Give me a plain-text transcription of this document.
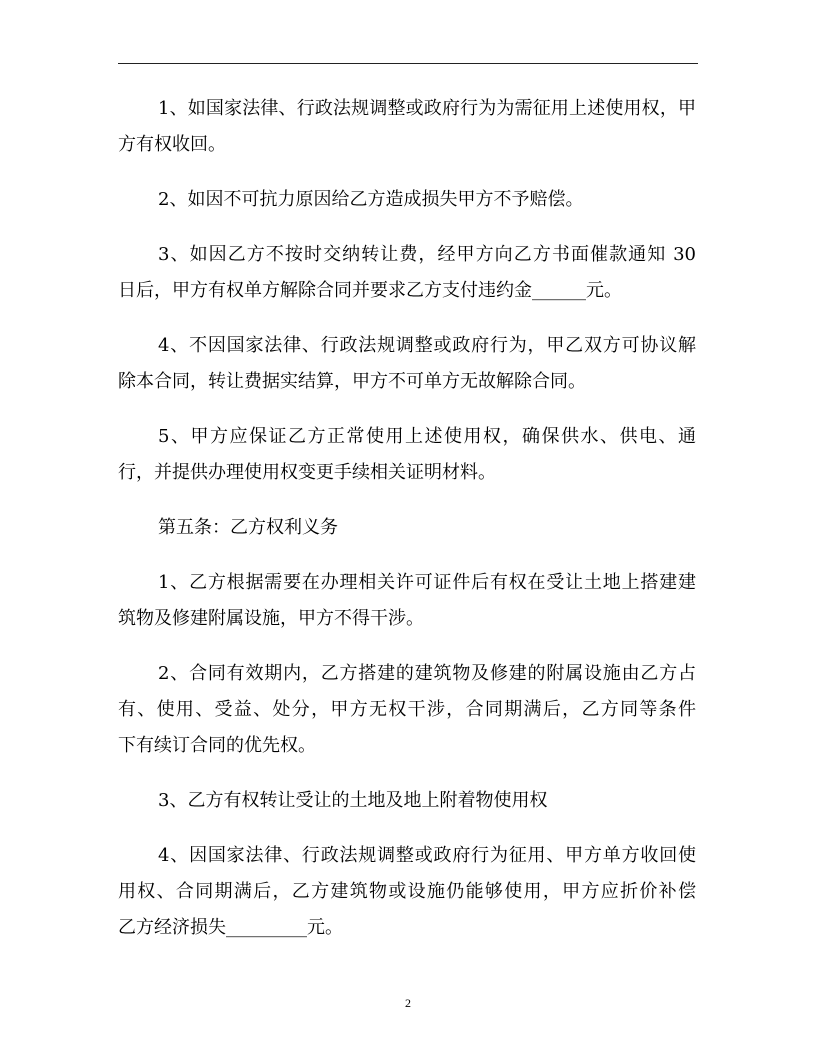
1、如国家法律、行政法规调整或政府行为为需征用上述使用权，甲
方有权收回。
2、如因不可抗力原因给乙方造成损失甲方不予赔偿。
3、如因乙方不按时交纳转让费，经甲方向乙方书面催款通知 30
日后，甲方有权单方解除合同并要求乙方支付违约金______元。
4、不因国家法律、行政法规调整或政府行为，甲乙双方可协议解
除本合同，转让费据实结算，甲方不可单方无故解除合同。
5、甲方应保证乙方正常使用上述使用权，确保供水、供电、通
行，并提供办理使用权变更手续相关证明材料。
第五条：乙方权利义务
1、乙方根据需要在办理相关许可证件后有权在受让土地上搭建建
筑物及修建附属设施，甲方不得干涉。
2、合同有效期内，乙方搭建的建筑物及修建的附属设施由乙方占
有、使用、受益、处分，甲方无权干涉，合同期满后，乙方同等条件
下有续订合同的优先权。
3、乙方有权转让受让的土地及地上附着物使用权
4、因国家法律、行政法规调整或政府行为征用、甲方单方收回使
用权、合同期满后，乙方建筑物或设施仍能够使用，甲方应折价补偿
乙方经济损失_________元。
2
